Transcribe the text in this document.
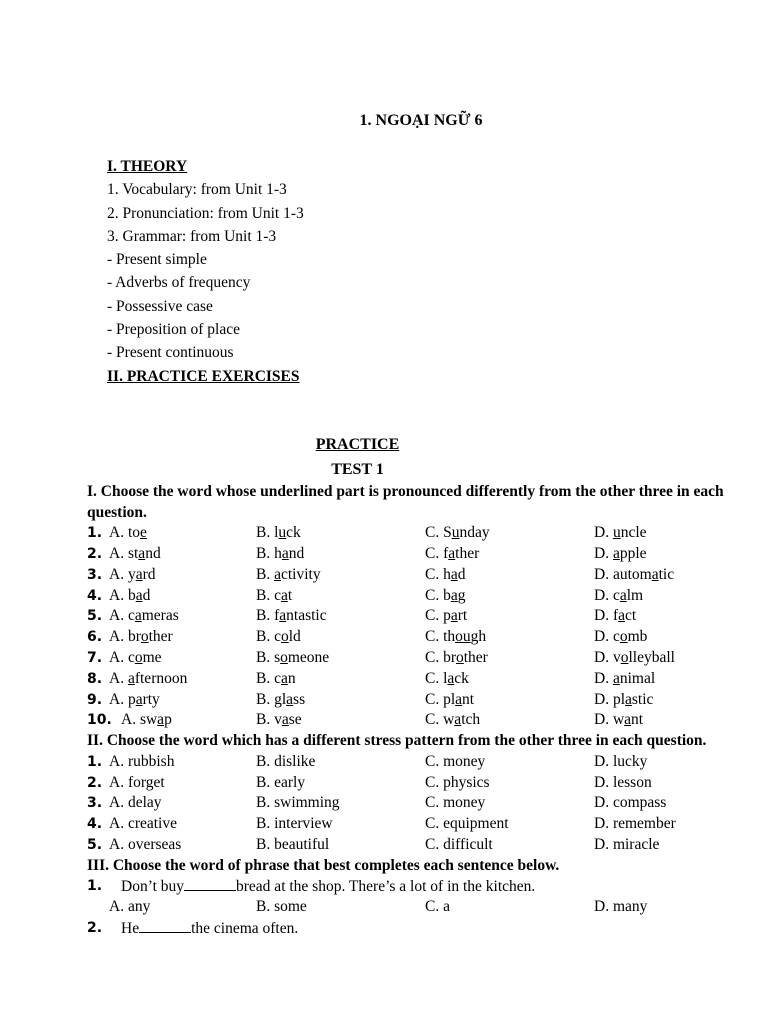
1. NGOẠI NGỮ 6
I. THEORY
1. Vocabulary: from Unit 1-3
2. Pronunciation: from Unit 1-3
3. Grammar: from Unit 1-3
- Present simple
- Adverbs of frequency
- Possessive case
- Preposition of place
- Present continuous
II. PRACTICE EXERCISES
PRACTICE
TEST 1
I. Choose the word whose underlined part is pronounced differently from the other three in each question.
1. A. toe	B. luck	C. Sunday	D. uncle
2. A. stand	B. hand	C. father	D. apple
3. A. yard	B. activity	C. had	D. automatic
4. A. bad	B. cat	C. bag	D. calm
5. A. cameras	B. fantastic	C. part	D. fact
6. A. brother	B. cold	C. though	D. comb
7. A. come	B. someone	C. brother	D. volleyball
8. A. afternoon	B. can	C. lack	D. animal
9. A. party	B. glass	C. plant	D. plastic
10. A. swap	B. vase	C. watch	D. want
II. Choose the word which has a different stress pattern from the other three in each question.
1. A. rubbish	B. dislike	C. money	D. lucky
2. A. forget	B. early	C. physics	D. lesson
3. A. delay	B. swimming	C. money	D. compass
4. A. creative	B. interview	C. equipment	D. remember
5. A. overseas	B. beautiful	C. difficult	D. miracle
III. Choose the word of phrase that best completes each sentence below.
1. Don’t buy	bread at the shop. There’s a lot of in the kitchen.
A. any	B. some	C. a	D. many
2. He	the cinema often.
